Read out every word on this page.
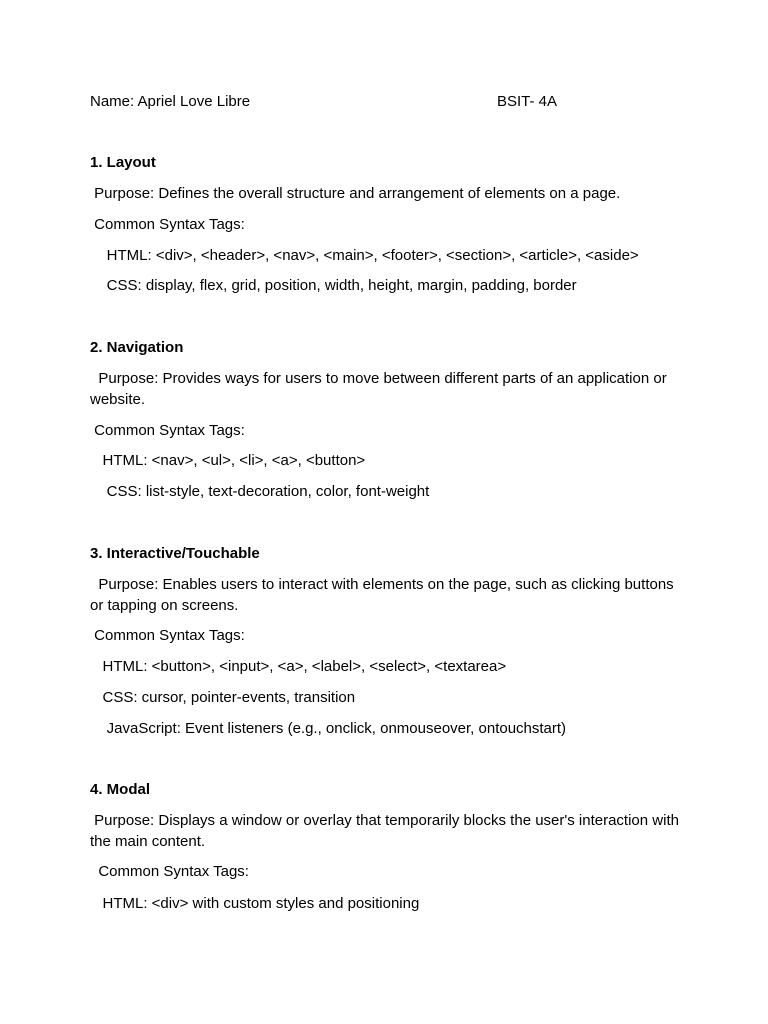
Name: Apriel Love Libre	BSIT- 4A

1. Layout

Purpose: Defines the overall structure and arrangement of elements on a page.

Common Syntax Tags:

HTML: <div>, <header>, <nav>, <main>, <footer>, <section>, <article>, <aside>

CSS: display, flex, grid, position, width, height, margin, padding, border

2. Navigation

Purpose: Provides ways for users to move between different parts of an application or website.

Common Syntax Tags:

HTML: <nav>, <ul>, <li>, <a>, <button>

CSS: list-style, text-decoration, color, font-weight

3. Interactive/Touchable

Purpose: Enables users to interact with elements on the page, such as clicking buttons or tapping on screens.

Common Syntax Tags:

HTML: <button>, <input>, <a>, <label>, <select>, <textarea>

CSS: cursor, pointer-events, transition

JavaScript: Event listeners (e.g., onclick, onmouseover, ontouchstart)

4. Modal

Purpose: Displays a window or overlay that temporarily blocks the user's interaction with the main content.

Common Syntax Tags:

HTML: <div> with custom styles and positioning
